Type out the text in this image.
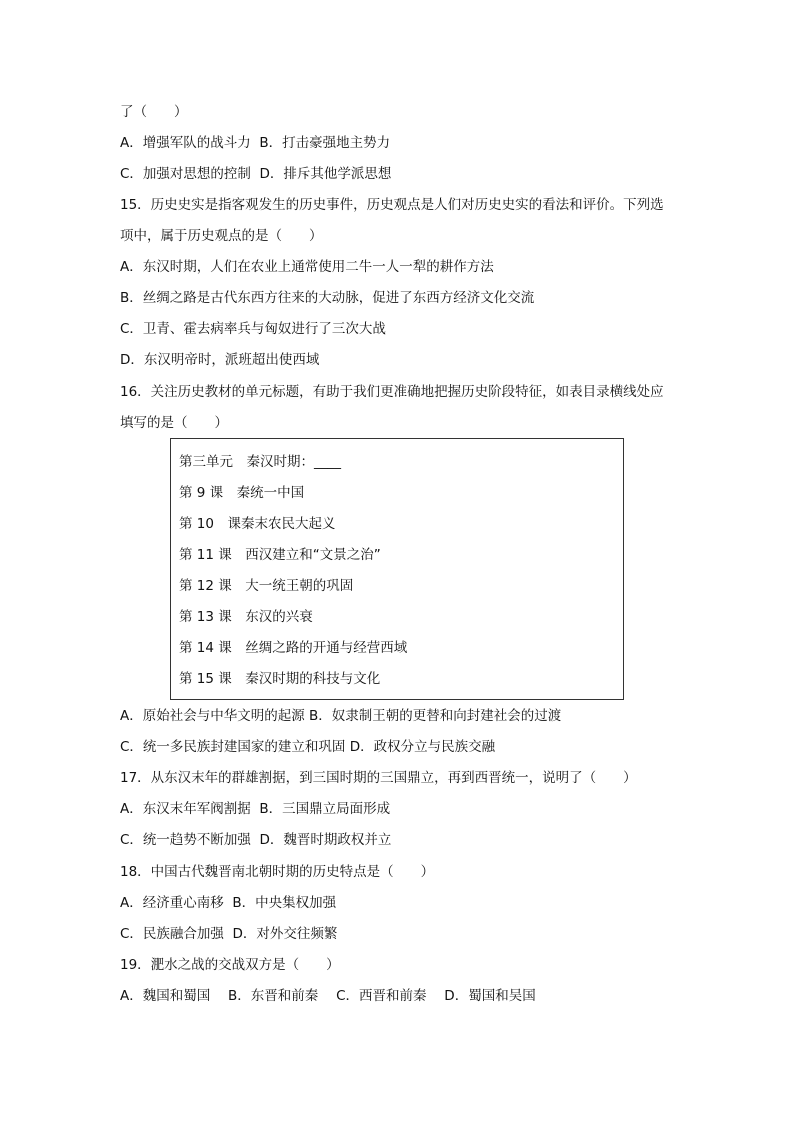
了（　　）
A．增强军队的战斗力  B．打击豪强地主势力
C．加强对思想的控制  D．排斥其他学派思想
15．历史史实是指客观发生的历史事件，历史观点是人们对历史史实的看法和评价。下列选
项中，属于历史观点的是（　　）
A．东汉时期，人们在农业上通常使用二牛一人一犁的耕作方法
B．丝绸之路是古代东西方往来的大动脉，促进了东西方经济文化交流
C．卫青、霍去病率兵与匈奴进行了三次大战
D．东汉明帝时，派班超出使西域
16．关注历史教材的单元标题，有助于我们更准确地把握历史阶段特征，如表目录横线处应
填写的是（　　）
第三单元　秦汉时期：____
第 9 课　秦统一中国
第 10　课秦末农民大起义
第 11 课　西汉建立和“文景之治”
第 12 课　大一统王朝的巩固
第 13 课　东汉的兴衰
第 14 课　丝绸之路的开通与经营西域
第 15 课　秦汉时期的科技与文化
A．原始社会与中华文明的起源 B．奴隶制王朝的更替和向封建社会的过渡
C．统一多民族封建国家的建立和巩固 D．政权分立与民族交融
17．从东汉末年的群雄割据，到三国时期的三国鼎立，再到西晋统一，说明了（　　）
A．东汉末年军阀割据  B．三国鼎立局面形成
C．统一趋势不断加强  D．魏晋时期政权并立
18．中国古代魏晋南北朝时期的历史特点是（　　）
A．经济重心南移  B．中央集权加强
C．民族融合加强  D．对外交往频繁
19．淝水之战的交战双方是（　　）
A．魏国和蜀国　 B．东晋和前秦　 C．西晋和前秦　 D．蜀国和吴国
